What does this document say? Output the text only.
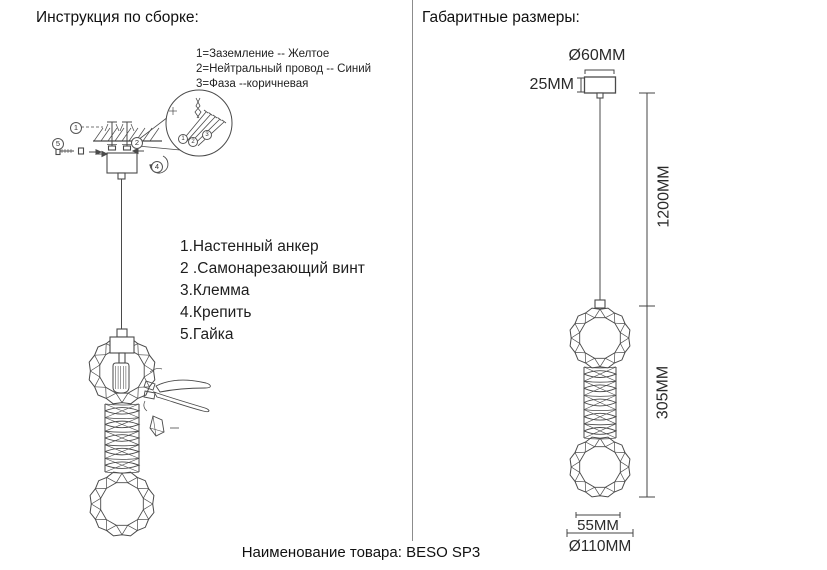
Инструкция по сборке:
1=Заземление -- Желтое
2=Нейтральный провод -- Синий
3=Фаза --коричневая
1.Настенный анкер
2 .Самонарезающий винт
3.Клемма
4.Крепить
5.Гайка
1
2
5
4
1	2
3
Габаритные размеры:
Ø60MM
25MM
1200MM
305MM
55MM
Ø110MM
Наименование товара: BESO SP3
